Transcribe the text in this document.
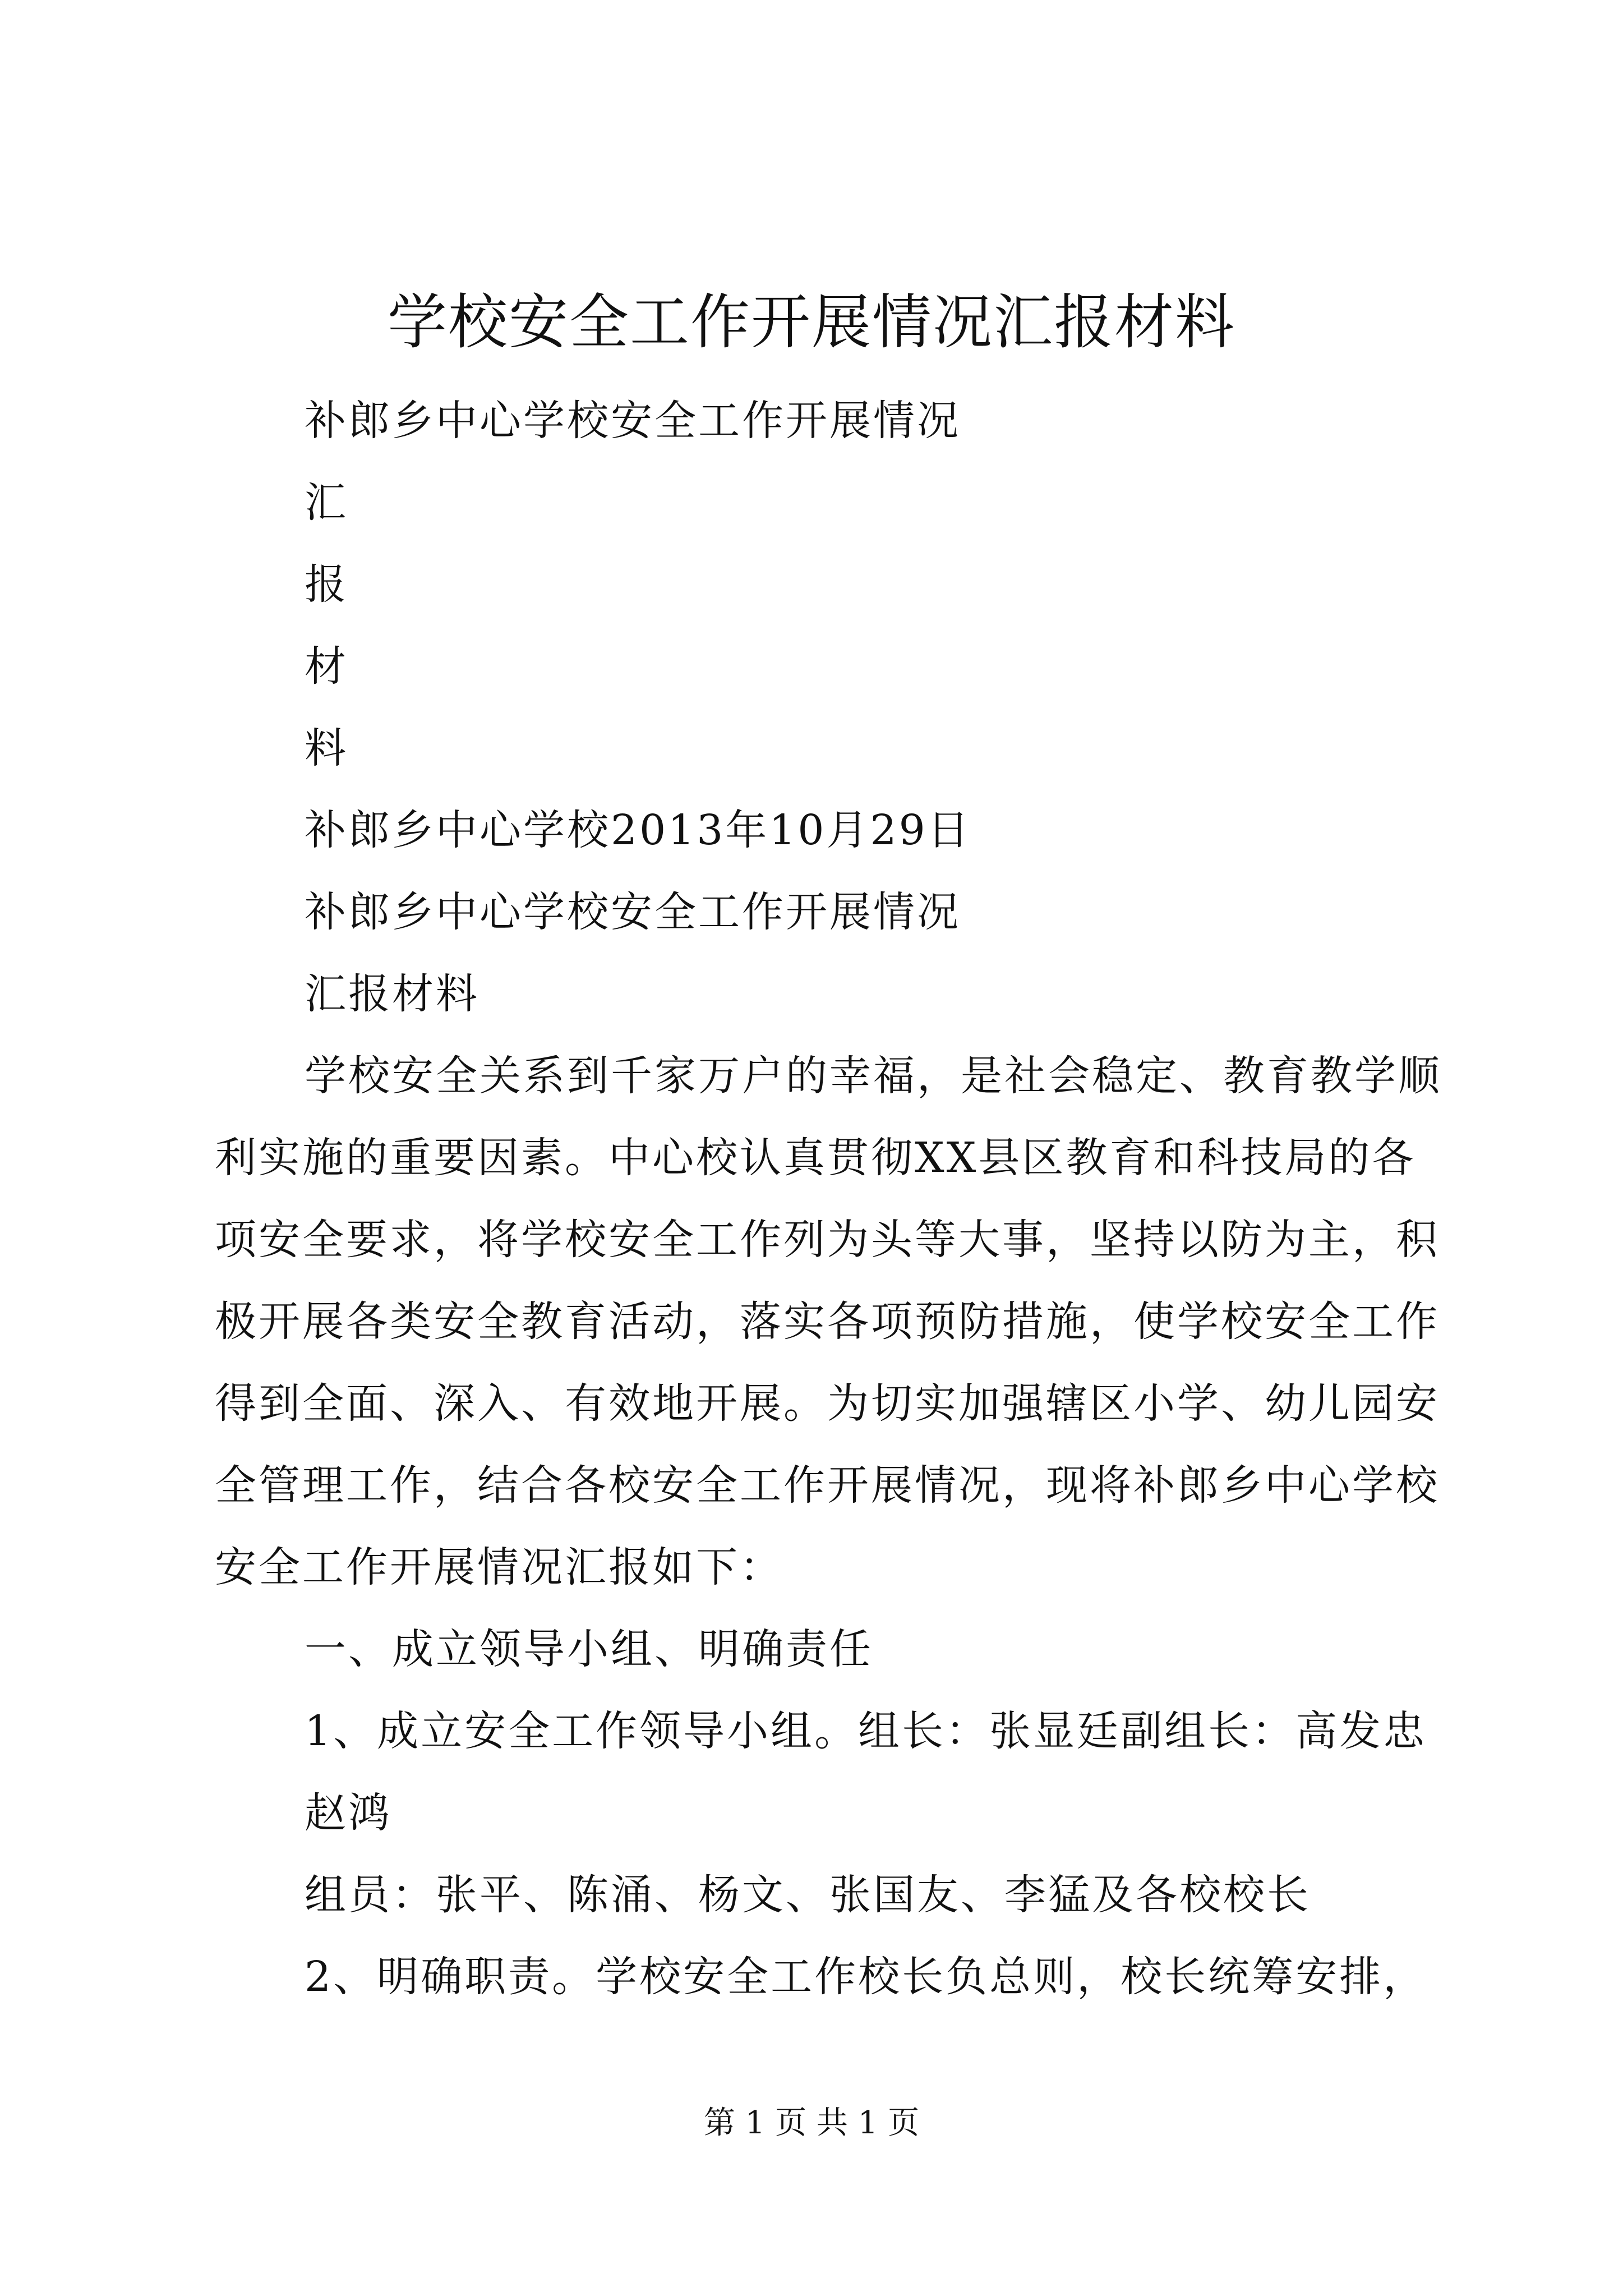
学校安全工作开展情况汇报材料
补郎乡中心学校安全工作开展情况
汇
报
材
料
补郎乡中心学校2013年10月29日
补郎乡中心学校安全工作开展情况
汇报材料
学校安全关系到千家万户的幸福，是社会稳定、教育教学顺
利实施的重要因素。中心校认真贯彻XX县区教育和科技局的各
项安全要求，将学校安全工作列为头等大事，坚持以防为主，积
极开展各类安全教育活动，落实各项预防措施，使学校安全工作
得到全面、深入、有效地开展。为切实加强辖区小学、幼儿园安
全管理工作，结合各校安全工作开展情况，现将补郎乡中心学校
安全工作开展情况汇报如下：
一、成立领导小组、明确责任
1、成立安全工作领导小组。组长：张显廷副组长：高发忠
赵鸿
组员：张平、陈涌、杨文、张国友、李猛及各校校长
2、明确职责。学校安全工作校长负总则，校长统筹安排，
第 1 页 共 1 页
